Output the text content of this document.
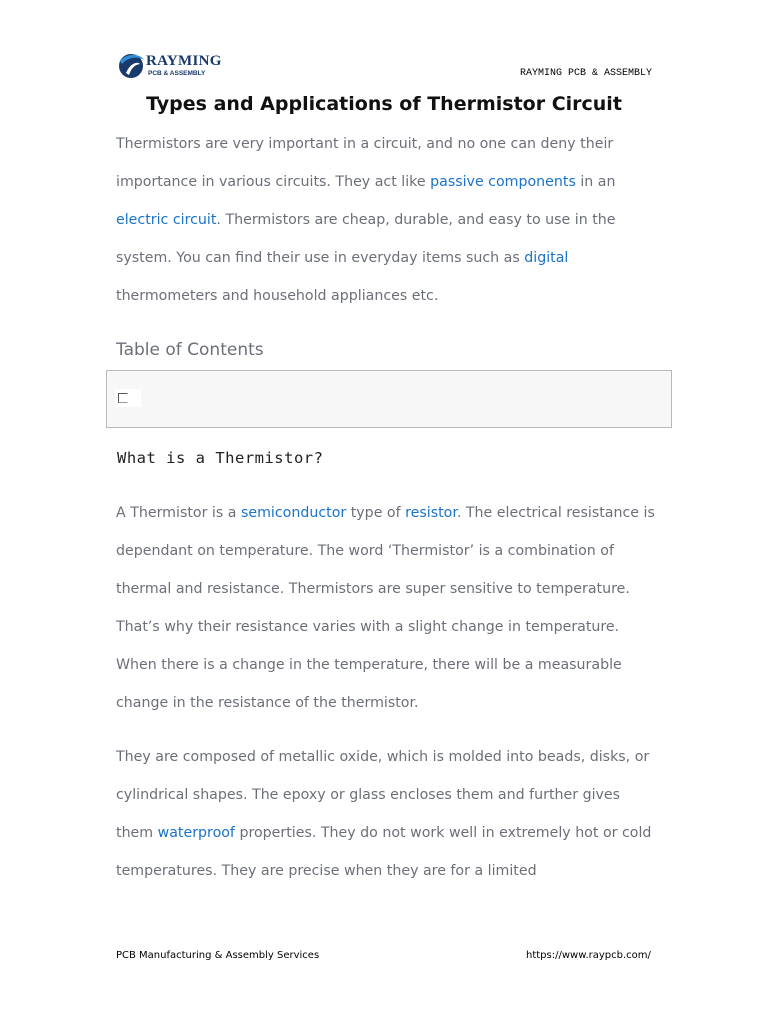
RAYMING
PCB & ASSEMBLY	RAYMING PCB & ASSEMBLY
Types and Applications of Thermistor Circuit

Thermistors are very important in a circuit, and no one can deny their importance in various circuits. They act like passive components in an electric circuit. Thermistors are cheap, durable, and easy to use in the system. You can find their use in everyday items such as digital thermometers and household appliances etc.

Table of Contents
What is a Thermistor?

A Thermistor is a semiconductor type of resistor. The electrical resistance is dependant on temperature. The word ‘Thermistor’ is a combination of thermal and resistance. Thermistors are super sensitive to temperature. That’s why their resistance varies with a slight change in temperature. When there is a change in the temperature, there will be a measurable change in the resistance of the thermistor.

They are composed of metallic oxide, which is molded into beads, disks, or cylindrical shapes. The epoxy or glass encloses them and further gives them waterproof properties. They do not work well in extremely hot or cold temperatures. They are precise when they are for a limited

PCB Manufacturing & Assembly Services	https://www.raypcb.com/
